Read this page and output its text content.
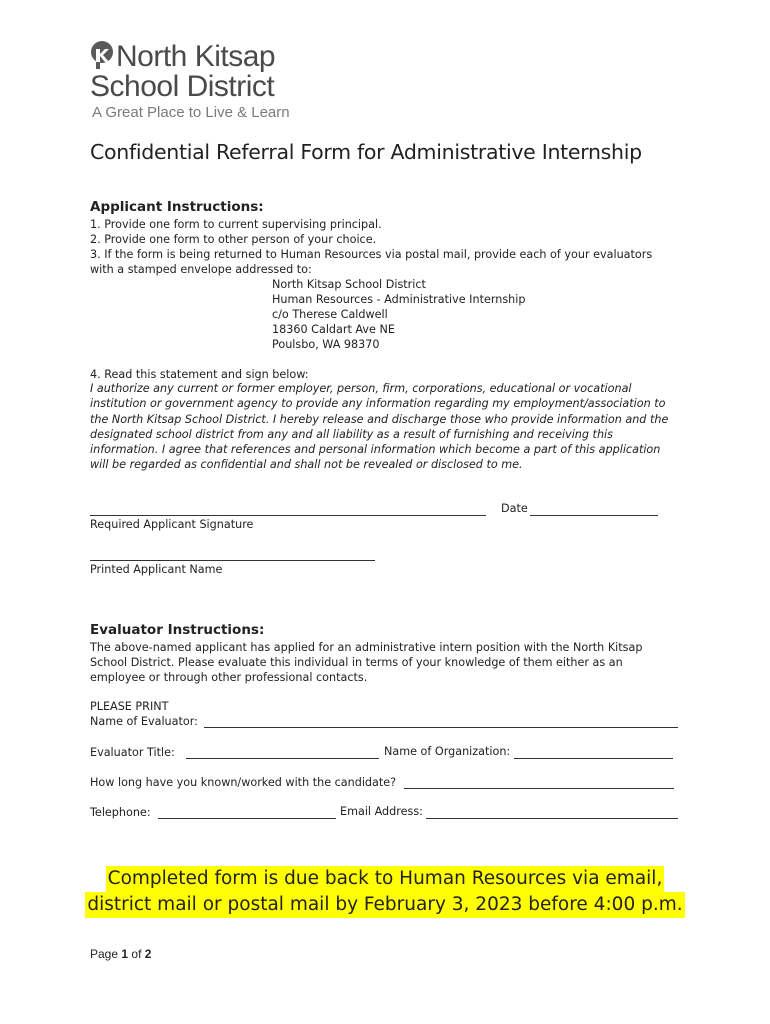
North Kitsap
School District
A Great Place to Live & Learn
Confidential Referral Form for Administrative Internship
Applicant Instructions:
1. Provide one form to current supervising principal.
2. Provide one form to other person of your choice.
3. If the form is being returned to Human Resources via postal mail, provide each of your evaluators
with a stamped envelope addressed to:
North Kitsap School District
Human Resources - Administrative Internship
c/o Therese Caldwell
18360 Caldart Ave NE
Poulsbo, WA 98370
4. Read this statement and sign below:
I authorize any current or former employer, person, firm, corporations, educational or vocational
institution or government agency to provide any information regarding my employment/association to
the North Kitsap School District. I hereby release and discharge those who provide information and the
designated school district from any and all liability as a result of furnishing and receiving this
information. I agree that references and personal information which become a part of this application
will be regarded as confidential and shall not be revealed or disclosed to me.
Date
Required Applicant Signature
Printed Applicant Name
Evaluator Instructions:
The above-named applicant has applied for an administrative intern position with the North Kitsap
School District. Please evaluate this individual in terms of your knowledge of them either as an
employee or through other professional contacts.
PLEASE PRINT
Name of Evaluator:
Evaluator Title:	Name of Organization:
How long have you known/worked with the candidate?
Telephone:	Email Address:
Completed form is due back to Human Resources via email,
district mail or postal mail by February 3, 2023 before 4:00 p.m.
Page 1 of 2
